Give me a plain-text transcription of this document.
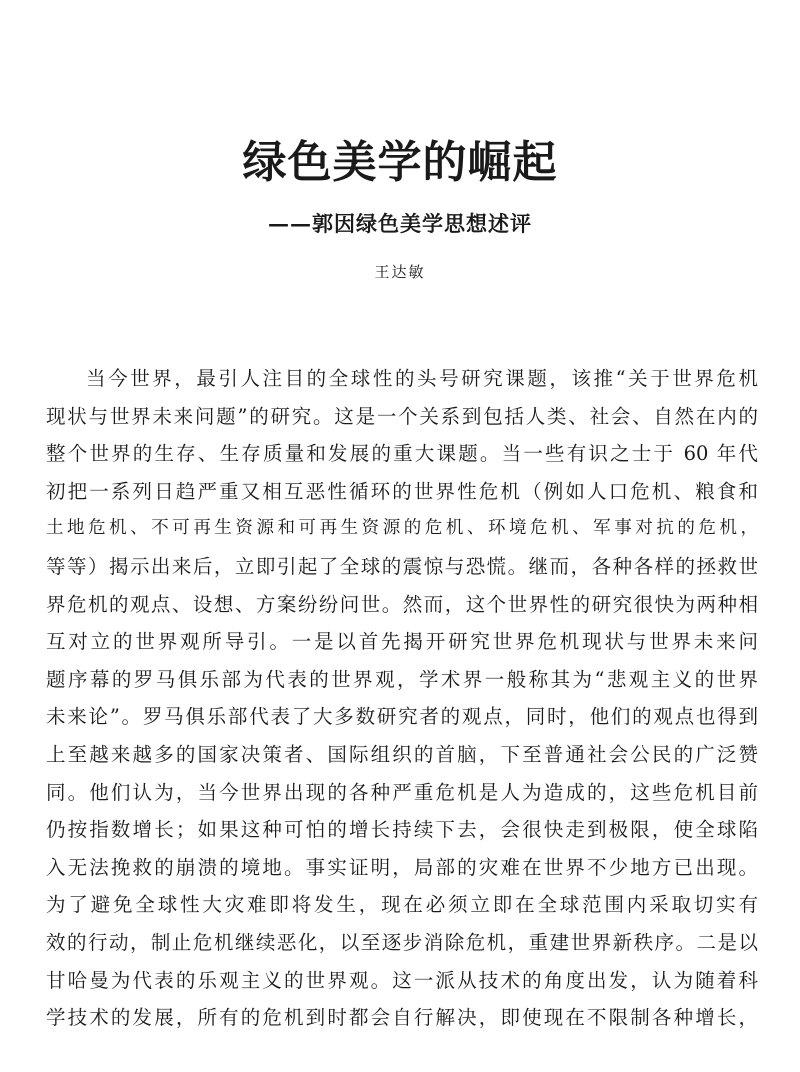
绿色美学的崛起
——郭因绿色美学思想述评
王达敏
当今世界，最引人注目的全球性的头号研究课题，该推“关于世界危机
现状与世界未来问题”的研究。这是一个关系到包括人类、社会、自然在内的
整个世界的生存、生存质量和发展的重大课题。当一些有识之士于 60 年代
初把一系列日趋严重又相互恶性循环的世界性危机（例如人口危机、粮食和
土地危机、不可再生资源和可再生资源的危机、环境危机、军事对抗的危机，
等等）揭示出来后，立即引起了全球的震惊与恐慌。继而，各种各样的拯救世
界危机的观点、设想、方案纷纷问世。然而，这个世界性的研究很快为两种相
互对立的世界观所导引。一是以首先揭开研究世界危机现状与世界未来问
题序幕的罗马俱乐部为代表的世界观，学术界一般称其为“悲观主义的世界
未来论”。罗马俱乐部代表了大多数研究者的观点，同时，他们的观点也得到
上至越来越多的国家决策者、国际组织的首脑，下至普通社会公民的广泛赞
同。他们认为，当今世界出现的各种严重危机是人为造成的，这些危机目前
仍按指数增长；如果这种可怕的增长持续下去，会很快走到极限，使全球陷
入无法挽救的崩溃的境地。事实证明，局部的灾难在世界不少地方已出现。
为了避免全球性大灾难即将发生，现在必须立即在全球范围内采取切实有
效的行动，制止危机继续恶化，以至逐步消除危机，重建世界新秩序。二是以
甘哈曼为代表的乐观主义的世界观。这一派从技术的角度出发，认为随着科
学技术的发展，所有的危机到时都会自行解决，即使现在不限制各种增长，
